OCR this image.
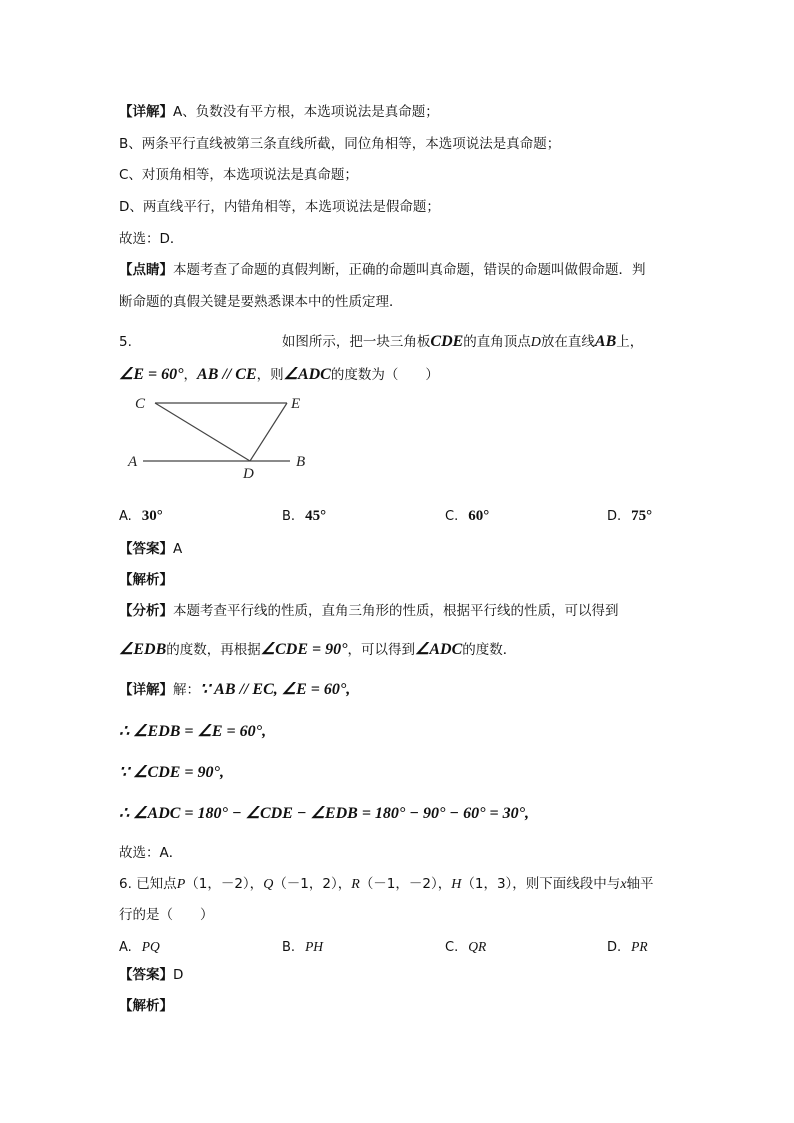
【详解】A、负数没有平方根，本选项说法是真命题；
B、两条平行直线被第三条直线所截，同位角相等，本选项说法是真命题；
C、对顶角相等，本选项说法是真命题；
D、两直线平行，内错角相等，本选项说法是假命题；
故选：D．
【点睛】本题考查了命题的真假判断，正确的命题叫真命题，错误的命题叫做假命题．判
断命题的真假关键是要熟悉课本中的性质定理．
5.	如图所示，把一块三角板CDE的直角顶点D放在直线AB上，
∠E = 60°，AB // CE，则∠ADC的度数为（　　）
C	E
A
D
B
A. 30°	B. 45°	C. 60°	D. 75°
【答案】A
【解析】
【分析】本题考查平行线的性质，直角三角形的性质，根据平行线的性质，可以得到
∠EDB的度数，再根据∠CDE = 90°，可以得到∠ADC的度数．
【详解】解：∵ AB // EC, ∠E = 60°,
∴ ∠EDB = ∠E = 60°,
∵ ∠CDE = 90°,
∴ ∠ADC = 180° − ∠CDE − ∠EDB = 180° − 90° − 60° = 30°,
故选：A．
6. 已知点P（1，－2），Q（－1，2），R（－1，－2），H（1，3），则下面线段中与x轴平
行的是（　　）
A. PQ	B. PH	C. QR	D. PR
【答案】D
【解析】
